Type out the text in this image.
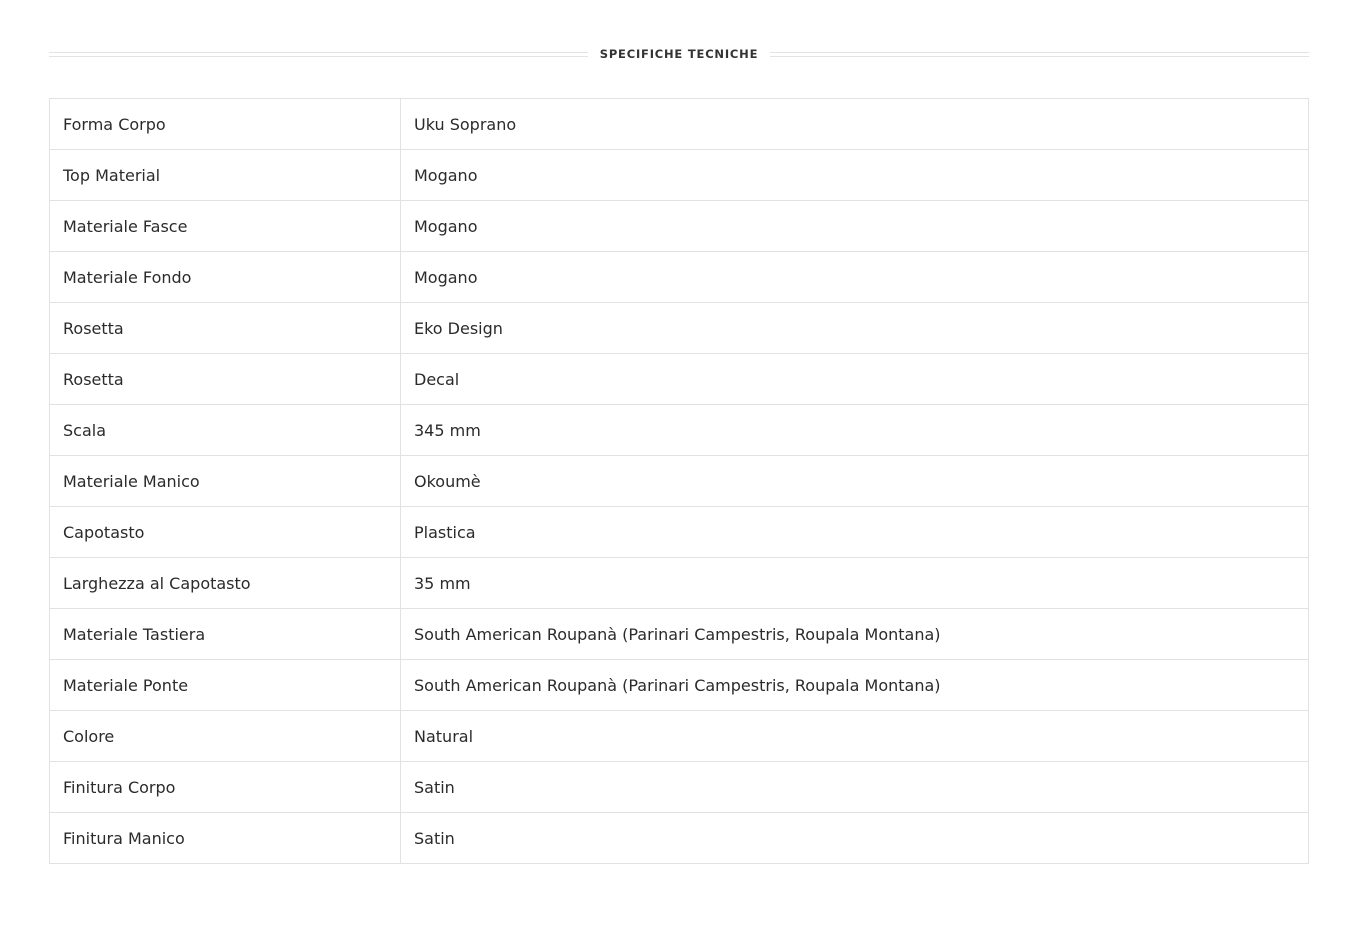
SPECIFICHE TECNICHE
Forma Corpo	Uku Soprano
Top Material	Mogano
Materiale Fasce	Mogano
Materiale Fondo	Mogano
Rosetta	Eko Design
Rosetta	Decal
Scala	345 mm
Materiale Manico	Okoumè
Capotasto	Plastica
Larghezza al Capotasto	35 mm
Materiale Tastiera	South American Roupanà (Parinari Campestris, Roupala Montana)
Materiale Ponte	South American Roupanà (Parinari Campestris, Roupala Montana)
Colore	Natural
Finitura Corpo	Satin
Finitura Manico	Satin
